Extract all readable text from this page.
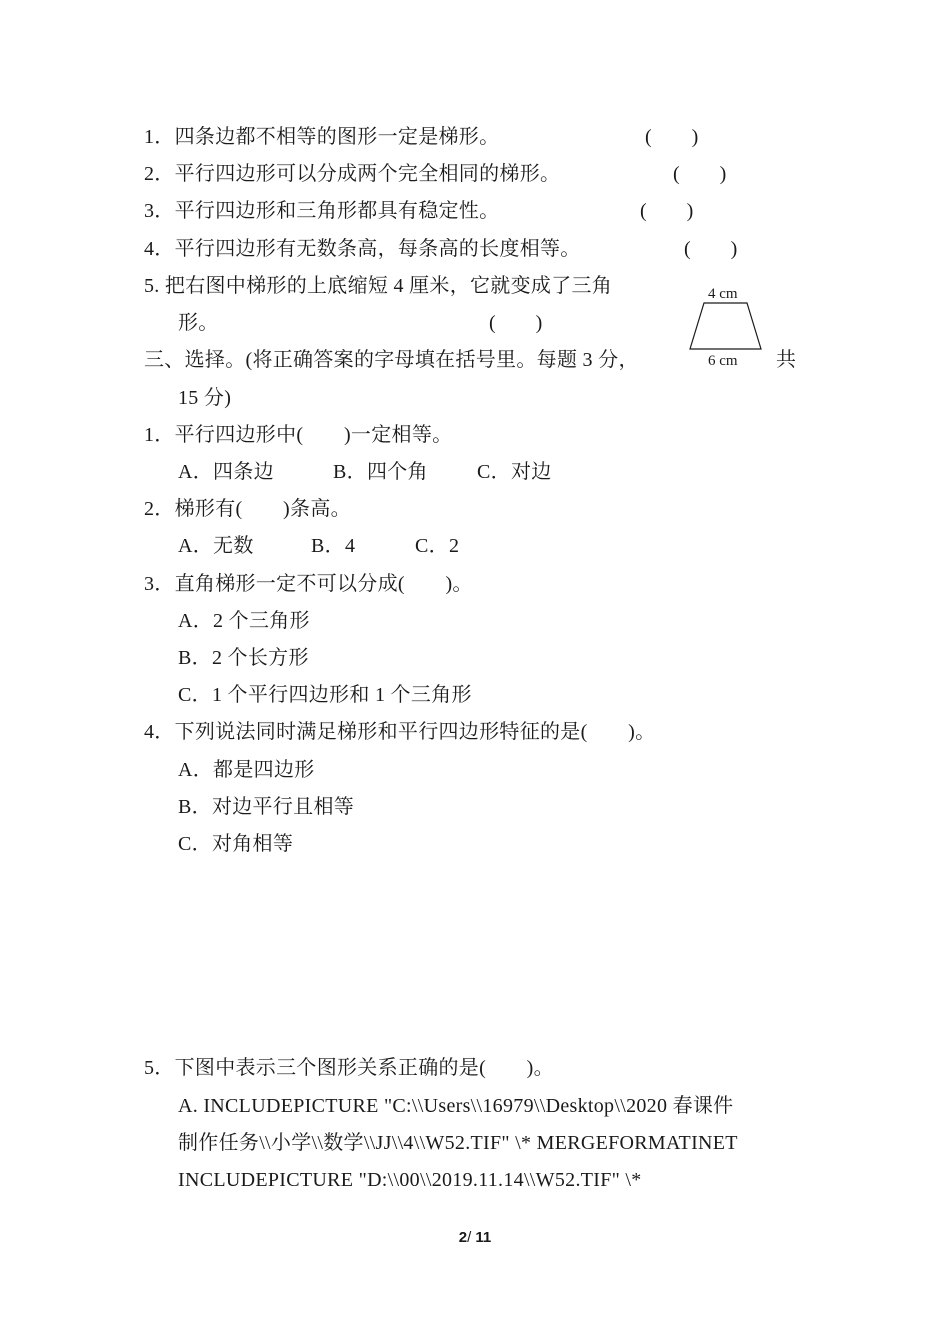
1．四条边都不相等的图形一定是梯形。	(　　)
2．平行四边形可以分成两个完全相同的梯形。	(　　)
3．平行四边形和三角形都具有稳定性。	(　　)
4．平行四边形有无数条高，每条高的长度相等。	(　　)
5. 把右图中梯形的上底缩短 4 厘米，它就变成了三角
形。	(　　)
4 cm
6 cm
三、选择。(将正确答案的字母填在括号里。每题 3 分，	共
15 分)
1．平行四边形中(　　)一定相等。
A．四条边	B．四个角 C．对边
2．梯形有(　　)条高。
A．无数	B．4	C．2
3．直角梯形一定不可以分成(　　)。
A．2 个三角形
B．2 个长方形
C．1 个平行四边形和 1 个三角形
4．下列说法同时满足梯形和平行四边形特征的是(　　)。
A．都是四边形
B．对边平行且相等
C．对角相等
5．下图中表示三个图形关系正确的是(　　)。
A. INCLUDEPICTURE "C:\\Users\\16979\\Desktop\\2020 春课件
制作任务\\小学\\数学\\JJ\\4\\W52.TIF" \* MERGEFORMATINET
INCLUDEPICTURE "D:\\00\\2019.11.14\\W52.TIF" \*
2/ 11
